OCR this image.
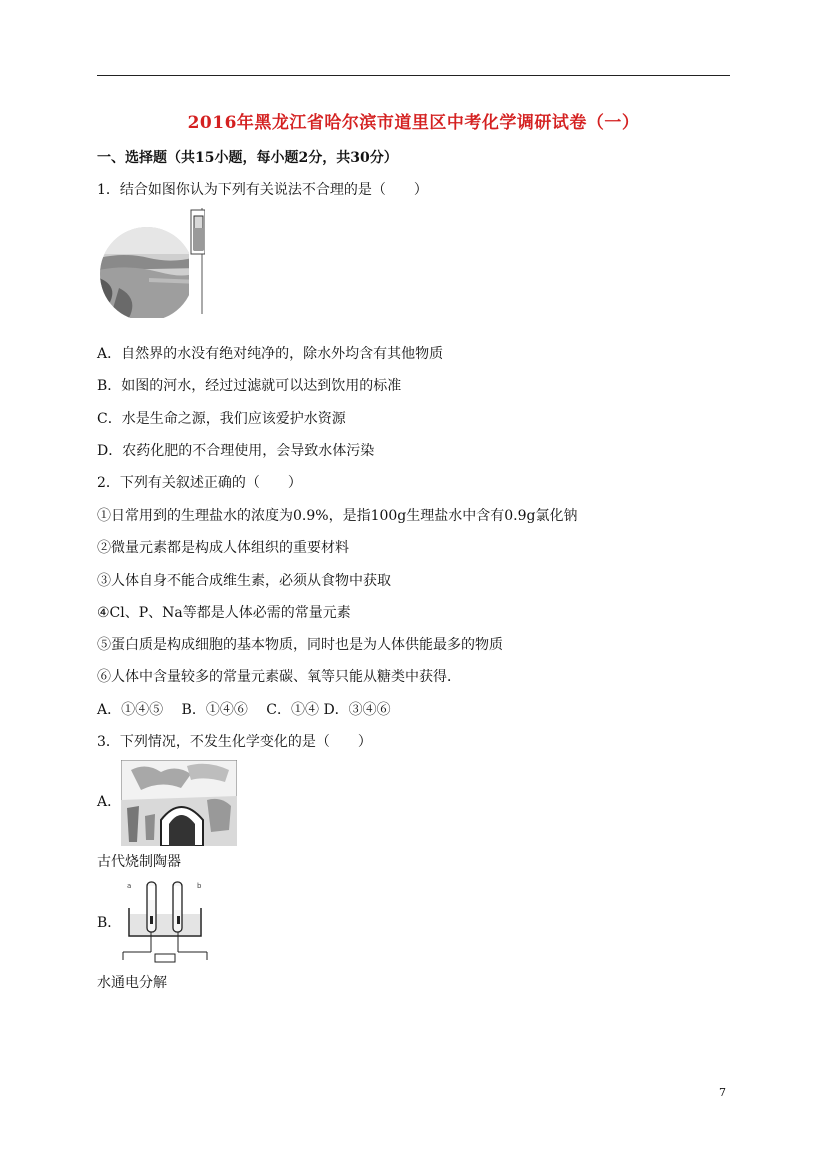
2016年黑龙江省哈尔滨市道里区中考化学调研试卷（一）
一、选择题（共15小题，每小题2分，共30分）
1．结合如图你认为下列有关说法不合理的是（　　）
A．自然界的水没有绝对纯净的，除水外均含有其他物质
B．如图的河水，经过过滤就可以达到饮用的标准
C．水是生命之源，我们应该爱护水资源
D．农药化肥的不合理使用，会导致水体污染
2．下列有关叙述正确的（　　）
①日常用到的生理盐水的浓度为0.9%，是指100g生理盐水中含有0.9g氯化钠
②微量元素都是构成人体组织的重要材料
③人体自身不能合成维生素，必须从食物中获取
④Cl、P、Na等都是人体必需的常量元素
⑤蛋白质是构成细胞的基本物质，同时也是为人体供能最多的物质
⑥人体中含量较多的常量元素碳、氧等只能从糖类中获得．
A．①④⑤　 B．①④⑥　 C．①④ D．③④⑥
3．下列情况，不发生化学变化的是（　　）
A．
古代烧制陶器
B．
a	b
水通电分解
7
